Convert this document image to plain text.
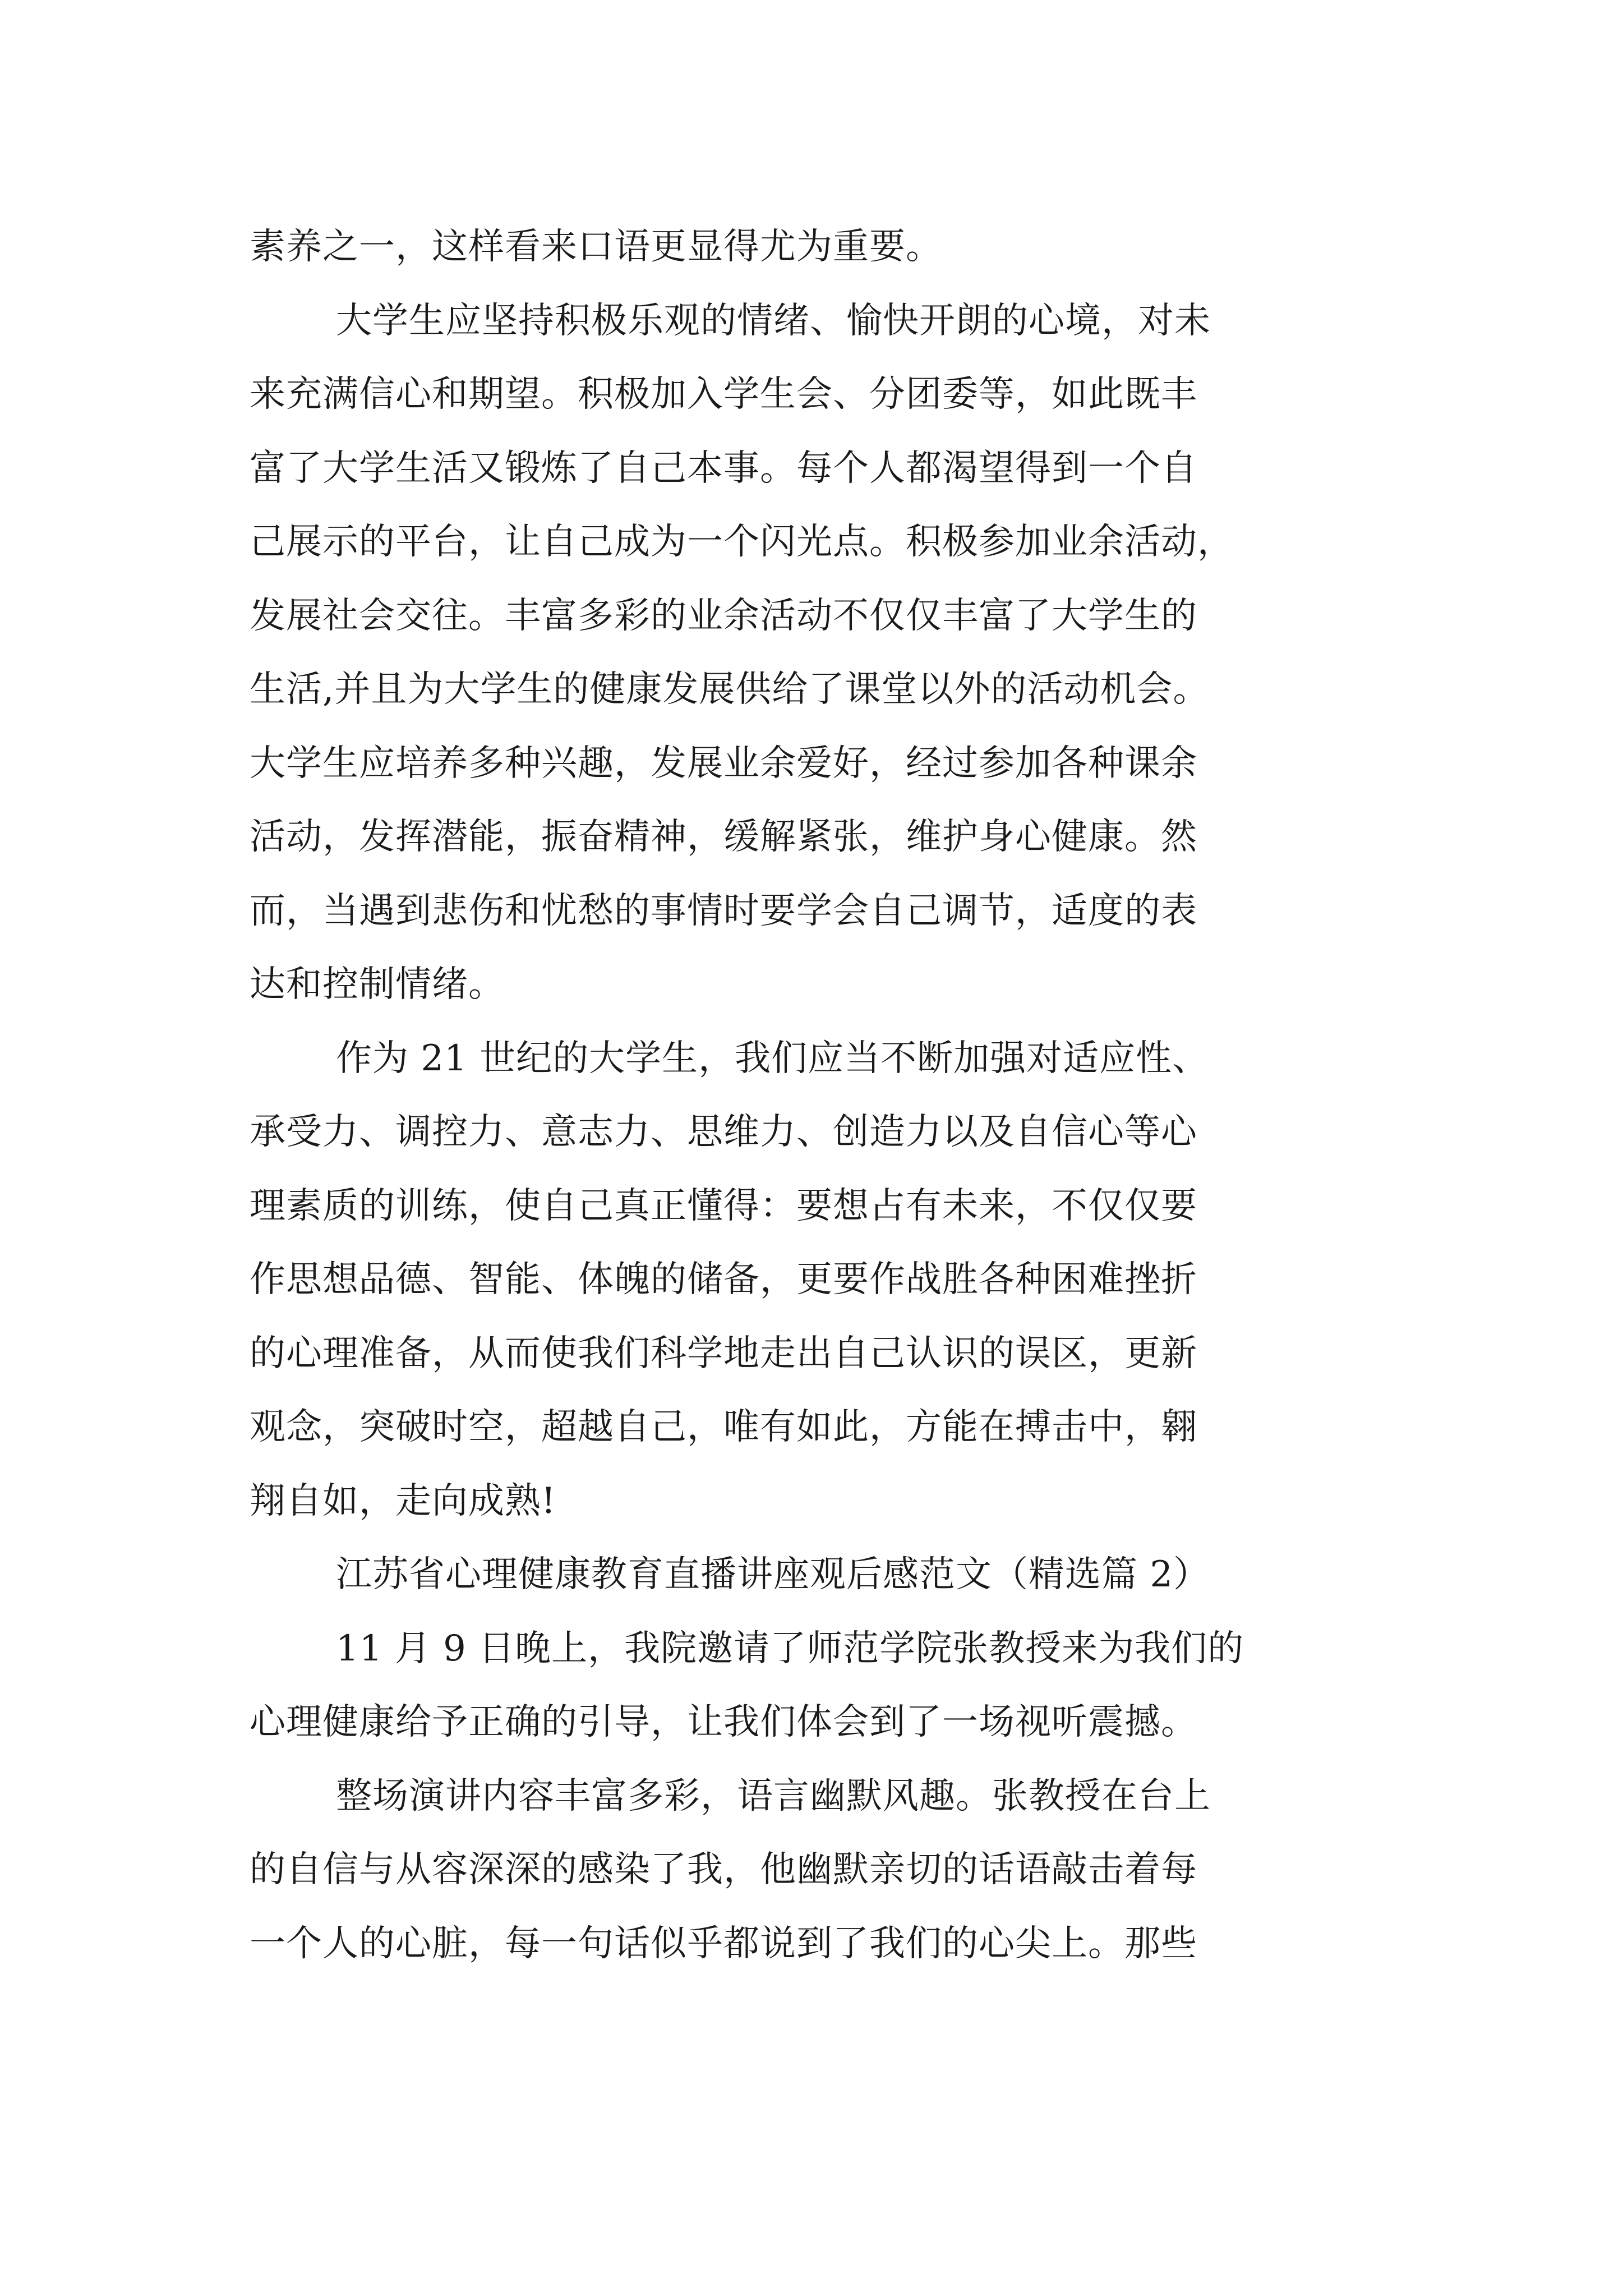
素养之一，这样看来口语更显得尤为重要。
大学生应坚持积极乐观的情绪、愉快开朗的心境，对未
来充满信心和期望。积极加入学生会、分团委等，如此既丰
富了大学生活又锻炼了自己本事。每个人都渴望得到一个自
己展示的平台，让自己成为一个闪光点。积极参加业余活动，
发展社会交往。丰富多彩的业余活动不仅仅丰富了大学生的
生活,并且为大学生的健康发展供给了课堂以外的活动机会。
大学生应培养多种兴趣，发展业余爱好，经过参加各种课余
活动，发挥潜能，振奋精神，缓解紧张，维护身心健康。然
而，当遇到悲伤和忧愁的事情时要学会自己调节，适度的表
达和控制情绪。
作为 21 世纪的大学生，我们应当不断加强对适应性、
承受力、调控力、意志力、思维力、创造力以及自信心等心
理素质的训练，使自己真正懂得：要想占有未来，不仅仅要
作思想品德、智能、体魄的储备，更要作战胜各种困难挫折
的心理准备，从而使我们科学地走出自己认识的误区，更新
观念，突破时空，超越自己，唯有如此，方能在搏击中，翱
翔自如，走向成熟!
江苏省心理健康教育直播讲座观后感范文（精选篇 2）
11 月 9 日晚上，我院邀请了师范学院张教授来为我们的
心理健康给予正确的引导，让我们体会到了一场视听震撼。
整场演讲内容丰富多彩，语言幽默风趣。张教授在台上
的自信与从容深深的感染了我，他幽默亲切的话语敲击着每
一个人的心脏，每一句话似乎都说到了我们的心尖上。那些
